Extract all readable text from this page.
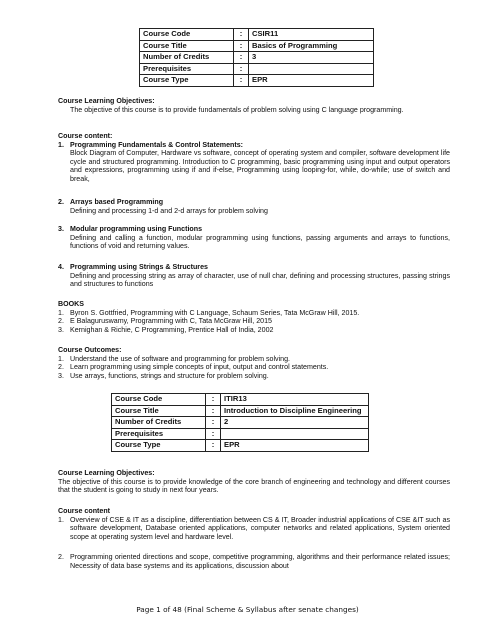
Course Code	:	CSIR11
Course Title	:	Basics of Programming
Number of Credits	:	3
Prerequisites	:	
Course Type	:	EPR
Course Learning Objectives:
The objective of this course is to provide fundamentals of problem solving using C language programming.
Course content:
1. Programming Fundamentals & Control Statements:
Block Diagram of Computer, Hardware vs software, concept of operating system and compiler, software development life cycle and structured programming. Introduction to C programming, basic programming using input and output operators and expressions, programming using if and if-else, Programming using looping-for, while, do-while; use of switch and break,
2. Arrays based Programming
Defining and processing 1-d and 2-d arrays for problem solving
3. Modular programming using Functions
Defining and calling a function, modular programming using functions, passing arguments and arrays to functions, functions of void and returning values.
4. Programming using Strings & Structures
Defining and processing string as array of character, use of null char, defining and processing structures, passing strings and structures to functions
BOOKS
1. Byron S. Gottfried, Programming with C Language, Schaum Series, Tata McGraw Hill, 2015.
2. E Balaguruswamy, Programming with C, Tata McGraw Hill, 2015
3. Kernighan & Richie, C Programming, Prentice Hall of India, 2002
Course Outcomes:
1. Understand the use of software and programming for problem solving.
2. Learn programming using simple concepts of input, output and control statements.
3. Use arrays, functions, strings and structure for problem solving.
Course Code	:	ITIR13
Course Title	:	Introduction to Discipline Engineering
Number of Credits	:	2
Prerequisites	:	
Course Type	:	EPR
Course Learning Objectives:
The objective of this course is to provide knowledge of the core branch of engineering and technology and different courses that the student is going to study in next four years.
Course content
1. Overview of CSE & IT as a discipline, differentiation between CS & IT, Broader industrial applications of CSE &IT such as software development, Database oriented applications, computer networks and related applications, System oriented scope at operating system level and hardware level.
2. Programming oriented directions and scope, competitive programming, algorithms and their performance related issues; Necessity of data base systems and its applications, discussion about
Page 1 of 48 (Final Scheme & Syllabus after senate changes)
